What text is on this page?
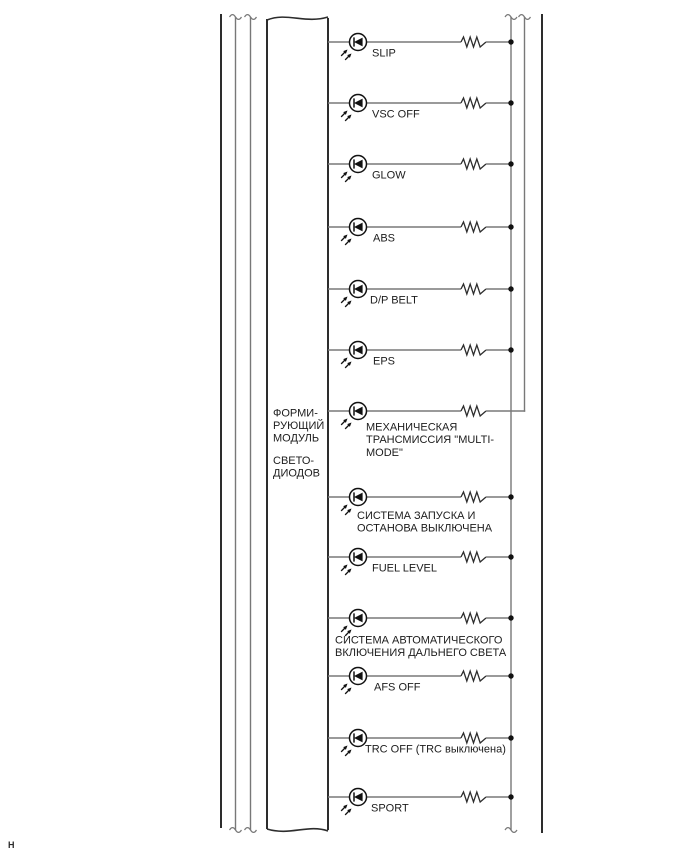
ФОРМИ-
РУЮЩИЙ
МОДУЛЬ
СВЕТО-
ДИОДОВ
SLIP
VSC OFF
GLOW
ABS
D/P BELT
EPS
МЕХАНИЧЕСКАЯ
ТРАНСМИССИЯ "MULTI-
MODE"
СИСТЕМА ЗАПУСКА И
ОСТАНОВА ВЫКЛЮЧЕНА
FUEL LEVEL
СИСТЕМА АВТОМАТИЧЕСКОГО
ВКЛЮЧЕНИЯ ДАЛЬНЕГО СВЕТА
AFS OFF
TRC OFF (TRC выключена)
SPORT
H
